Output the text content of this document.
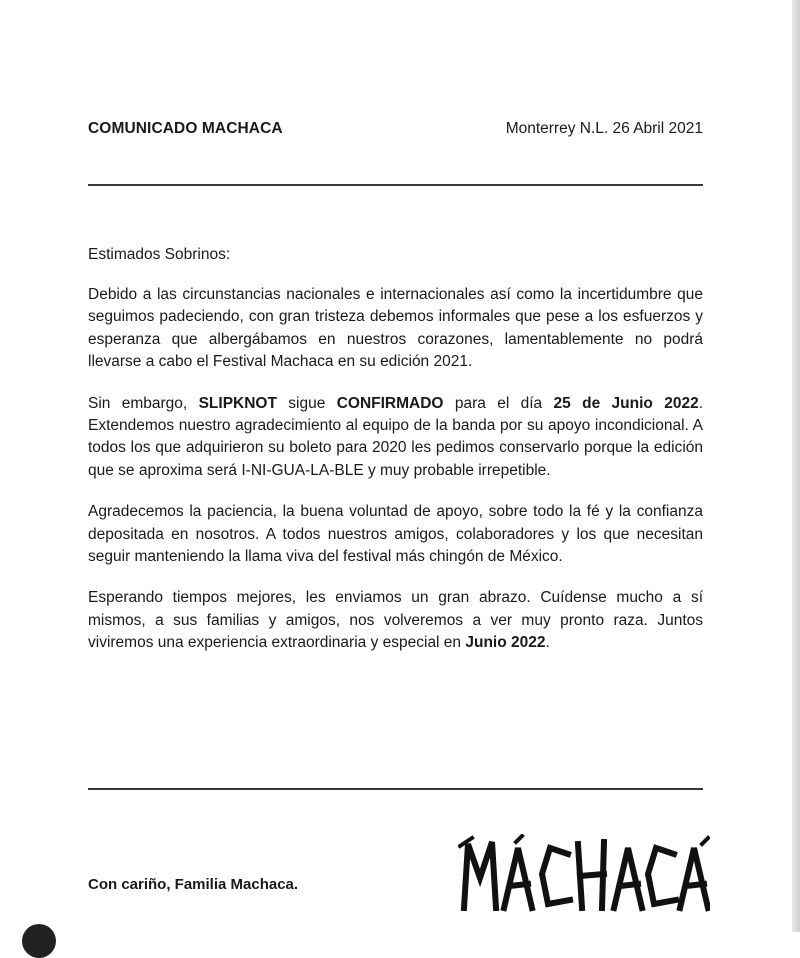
COMUNICADO MACHACA	Monterrey N.L. 26 Abril 2021
Estimados Sobrinos:

Debido a las circunstancias nacionales e internacionales así como la incertidumbre que seguimos padeciendo, con gran tristeza debemos informales que pese a los esfuerzos y esperanza que albergábamos en nuestros corazones, lamentablemente no podrá llevarse a cabo el Festival Machaca en su edición 2021.

Sin embargo, SLIPKNOT sigue CONFIRMADO para el día 25 de Junio 2022. Extendemos nuestro agradecimiento al equipo de la banda por su apoyo incondicional. A todos los que adquirieron su boleto para 2020 les pedimos conservarlo porque la edición que se aproxima será I-NI-GUA-LA-BLE y muy probable irrepetible.

Agradecemos la paciencia, la buena voluntad de apoyo, sobre todo la fé y la confianza depositada en nosotros. A todos nuestros amigos, colaboradores y los que necesitan seguir manteniendo la llama viva del festival más chingón de México.

Esperando tiempos mejores, les enviamos un gran abrazo. Cuídense mucho a sí mismos, a sus familias y amigos, nos volveremos a ver muy pronto raza. Juntos viviremos una experiencia extraordinaria y especial en Junio 2022.

Con cariño, Familia Machaca.
